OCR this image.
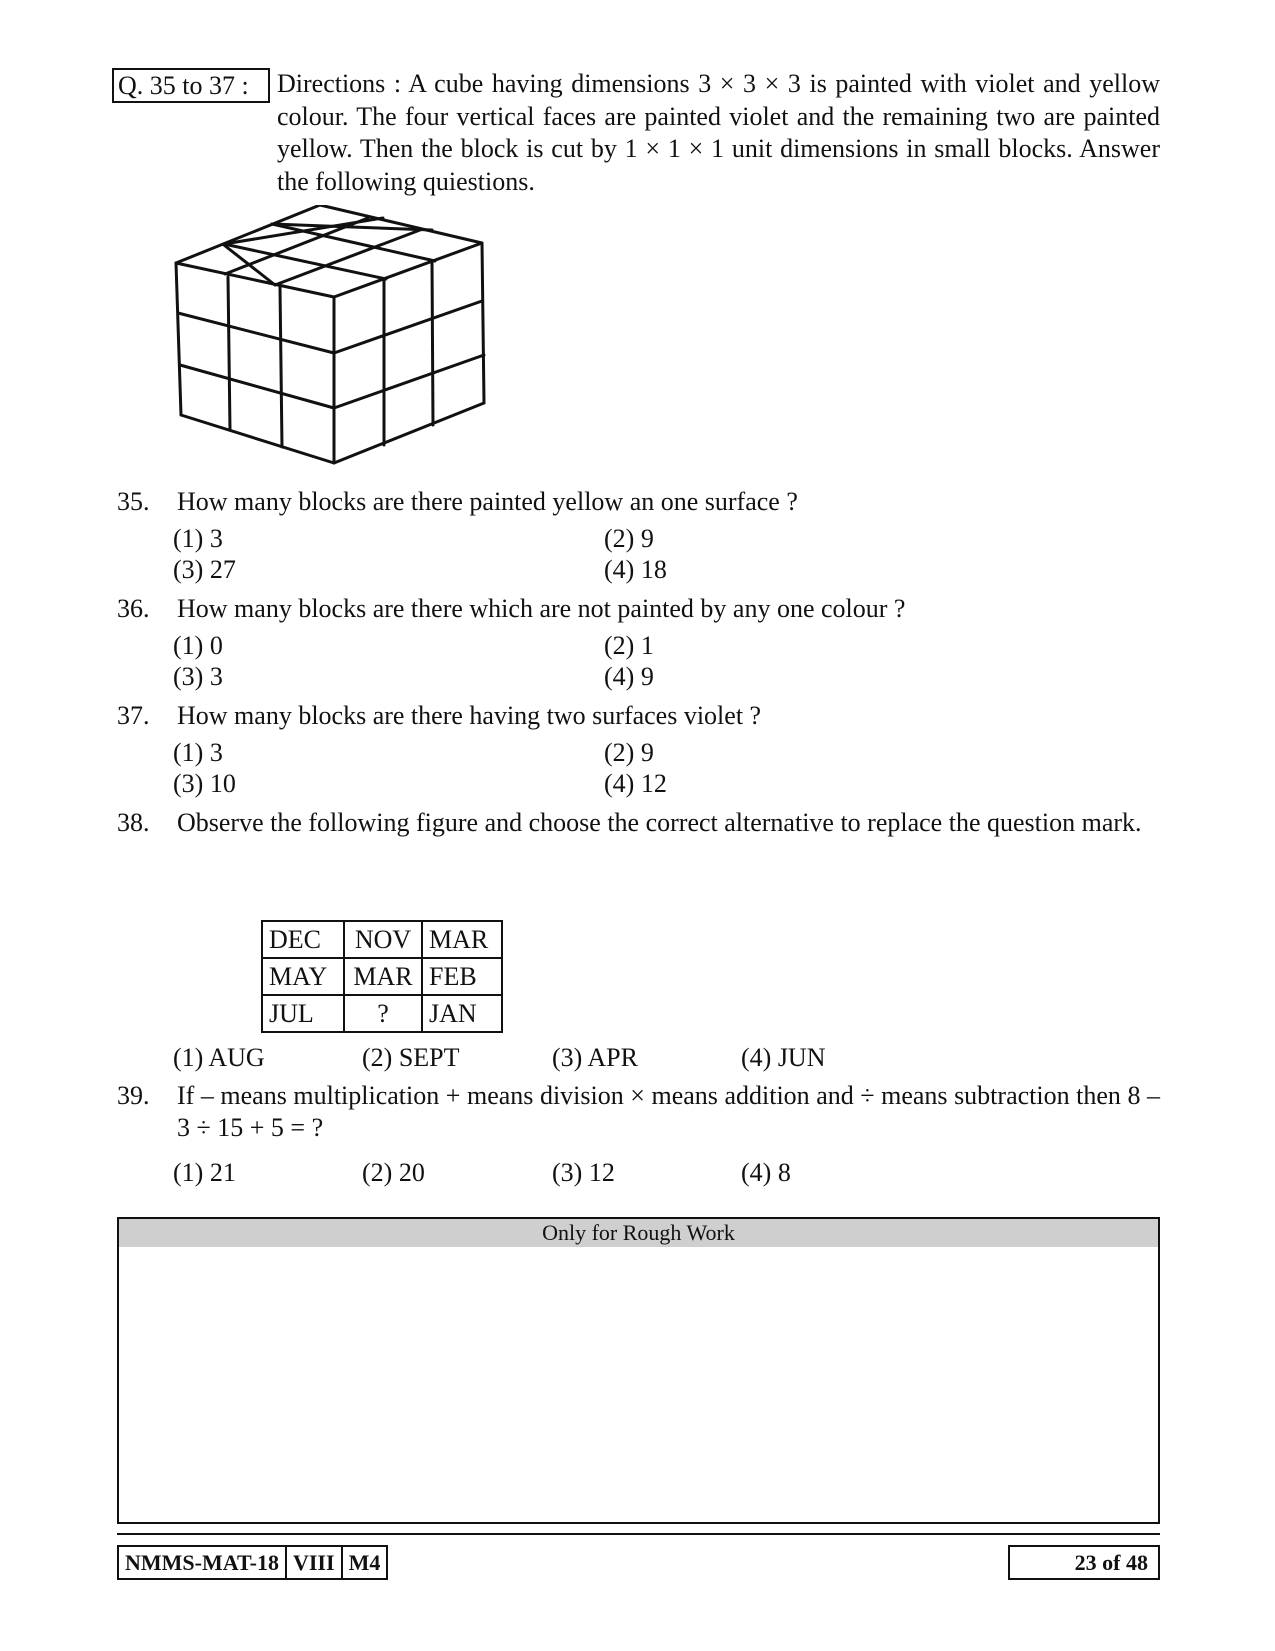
Q. 35 to 37 :	Directions : A cube having dimensions 3 × 3 × 3 is painted with violet and yellow colour. The four vertical faces are painted violet and the remaining two are painted yellow. Then the block is cut by 1 × 1 × 1 unit dimensions in small blocks. Answer the following quiestions.
35.	How many blocks are there painted yellow an one surface ?
(1) 3	(2) 9
(3) 27	(4) 18
36.	How many blocks are there which are not painted by any one colour ?
(1) 0	(2) 1
(3) 3	(4) 9
37.	How many blocks are there having two surfaces violet ?
(1) 3	(2) 9
(3) 10	(4) 12
38.	Observe the following figure and choose the correct alternative to replace the question mark.
DEC	NOV	MAR
MAY	MAR	FEB
JUL	?	JAN
(1) AUG	(2) SEPT	(3) APR	(4) JUN
39.	If – means multiplication + means division × means addition and ÷ means subtraction then 8 – 3 ÷ 15 + 5 = ?
(1) 21	(2) 20	(3) 12	(4) 8
Only for Rough Work
NMMS-MAT-18 VIII M4	23 of 48
